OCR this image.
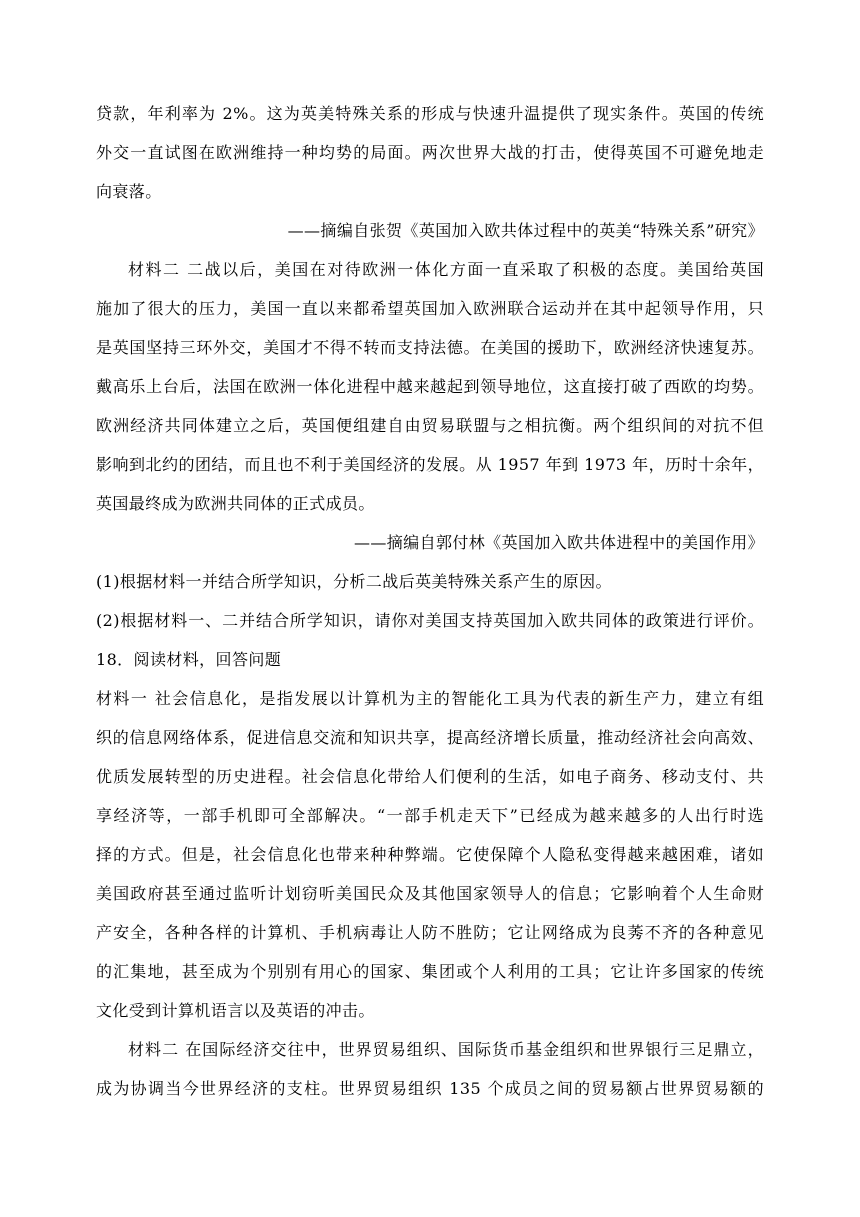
贷款，年利率为 2%。这为英美特殊关系的形成与快速升温提供了现实条件。英国的传统
外交一直试图在欧洲维持一种均势的局面。两次世界大战的打击，使得英国不可避免地走
向衰落。
——摘编自张贺《英国加入欧共体过程中的英美“特殊关系”研究》
材料二 二战以后，美国在对待欧洲一体化方面一直采取了积极的态度。美国给英国
施加了很大的压力，美国一直以来都希望英国加入欧洲联合运动并在其中起领导作用，只
是英国坚持三环外交，美国才不得不转而支持法德。在美国的援助下，欧洲经济快速复苏。
戴高乐上台后，法国在欧洲一体化进程中越来越起到领导地位，这直接打破了西欧的均势。
欧洲经济共同体建立之后，英国便组建自由贸易联盟与之相抗衡。两个组织间的对抗不但
影响到北约的团结，而且也不利于美国经济的发展。从 1957 年到 1973 年，历时十余年，
英国最终成为欧洲共同体的正式成员。
——摘编自郭付林《英国加入欧共体进程中的美国作用》
(1)根据材料一并结合所学知识，分析二战后英美特殊关系产生的原因。
(2)根据材料一、二并结合所学知识，请你对美国支持英国加入欧共同体的政策进行评价。
18．阅读材料，回答问题
材料一 社会信息化，是指发展以计算机为主的智能化工具为代表的新生产力，建立有组
织的信息网络体系，促进信息交流和知识共享，提高经济增长质量，推动经济社会向高效、
优质发展转型的历史进程。社会信息化带给人们便利的生活，如电子商务、移动支付、共
享经济等，一部手机即可全部解决。“一部手机走天下”已经成为越来越多的人出行时选
择的方式。但是，社会信息化也带来种种弊端。它使保障个人隐私变得越来越困难，诸如
美国政府甚至通过监听计划窃听美国民众及其他国家领导人的信息；它影响着个人生命财
产安全，各种各样的计算机、手机病毒让人防不胜防；它让网络成为良莠不齐的各种意见
的汇集地，甚至成为个别别有用心的国家、集团或个人利用的工具；它让许多国家的传统
文化受到计算机语言以及英语的冲击。
材料二 在国际经济交往中，世界贸易组织、国际货币基金组织和世界银行三足鼎立，
成为协调当今世界经济的支柱。世界贸易组织 135 个成员之间的贸易额占世界贸易额的
